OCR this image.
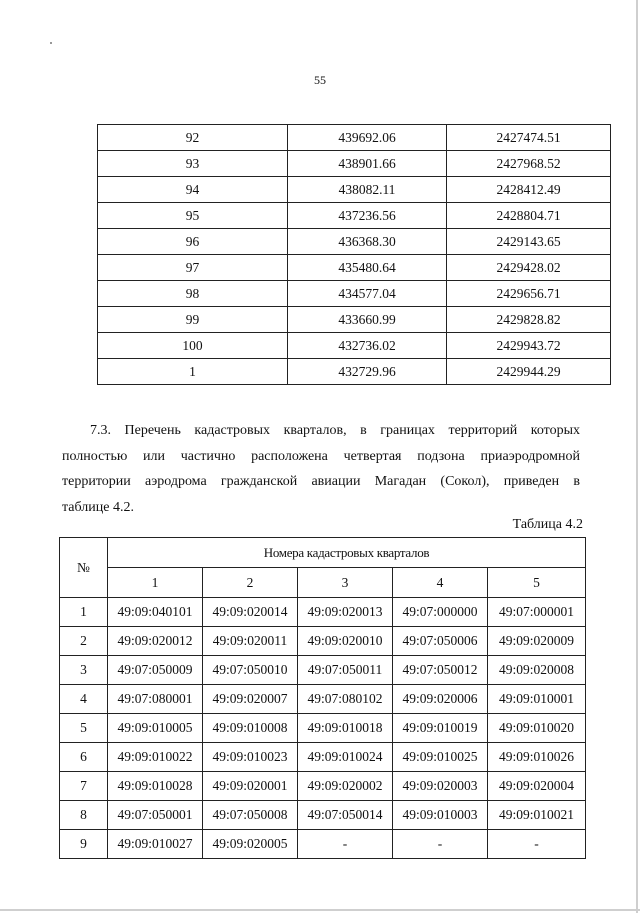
55
92	439692.06	2427474.51
93	438901.66	2427968.52
94	438082.11	2428412.49
95	437236.56	2428804.71
96	436368.30	2429143.65
97	435480.64	2429428.02
98	434577.04	2429656.71
99	433660.99	2429828.82
100	432736.02	2429943.72
1	432729.96	2429944.29
7.3. Перечень кадастровых кварталов, в границах территорий которых
полностью или частично расположена четвертая подзона приаэродромной
территории аэродрома гражданской авиации Магадан (Сокол), приведен в
таблице 4.2.
Таблица 4.2
№	Номера кадастровых кварталов				
	1	2	3	4	5
1	49:09:040101	49:09:020014	49:09:020013	49:07:000000	49:07:000001
2	49:09:020012	49:09:020011	49:09:020010	49:07:050006	49:09:020009
3	49:07:050009	49:07:050010	49:07:050011	49:07:050012	49:09:020008
4	49:07:080001	49:09:020007	49:07:080102	49:09:020006	49:09:010001
5	49:09:010005	49:09:010008	49:09:010018	49:09:010019	49:09:010020
6	49:09:010022	49:09:010023	49:09:010024	49:09:010025	49:09:010026
7	49:09:010028	49:09:020001	49:09:020002	49:09:020003	49:09:020004
8	49:07:050001	49:07:050008	49:07:050014	49:09:010003	49:09:010021
9	49:09:010027	49:09:020005	-	-	-
